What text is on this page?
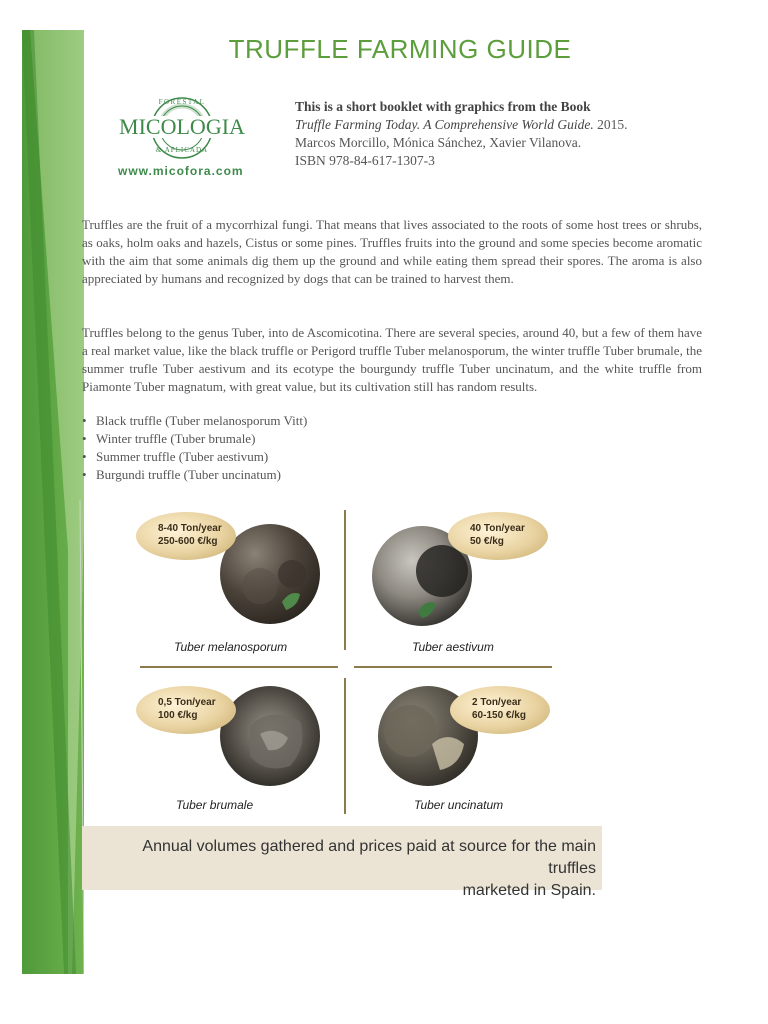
TRUFFLE FARMING GUIDE
MICOLOGIA
FORESTAL
& APLICADA
www.micofora.com
This is a short booklet with graphics from the Book
Truffle Farming Today. A Comprehensive World Guide. 2015.
Marcos Morcillo, Mónica Sánchez, Xavier Vilanova.
ISBN 978-84-617-1307-3
Truffles are the fruit of a mycorrhizal fungi. That means that lives associated to the roots of some host trees or shrubs, as oaks, holm oaks and hazels, Cistus or some pines. Truffles fruits into the ground and some species become aromatic with the aim that some animals dig them up the ground and while eating them spread their spores. The aroma is also appreciated by humans and recognized by dogs that can be trained to harvest them.
Truffles belong to the genus Tuber, into de Ascomicotina. There are several species, around 40, but a few of them have a real market value, like the black truffle or Perigord truffle Tuber melanosporum, the winter truffle Tuber brumale, the summer trufle Tuber aestivum and its ecotype the bourgundy truffle Tuber uncinatum, and the white truffle from Piamonte Tuber magnatum, with great value, but its cultivation still has random results.
• Black truffle (Tuber melanosporum Vitt)
• Winter truffle (Tuber brumale)
• Summer truffle (Tuber aestivum)
• Burgundi truffle (Tuber uncinatum)
8-40 Ton/year
250-600 €/kg
Tuber melanosporum
40 Ton/year
50 €/kg
Tuber aestivum
0,5 Ton/year
100 €/kg
Tuber brumale
2 Ton/year
60-150 €/kg
Tuber uncinatum
Annual volumes gathered and prices paid at source for the main truffles
marketed in Spain.
